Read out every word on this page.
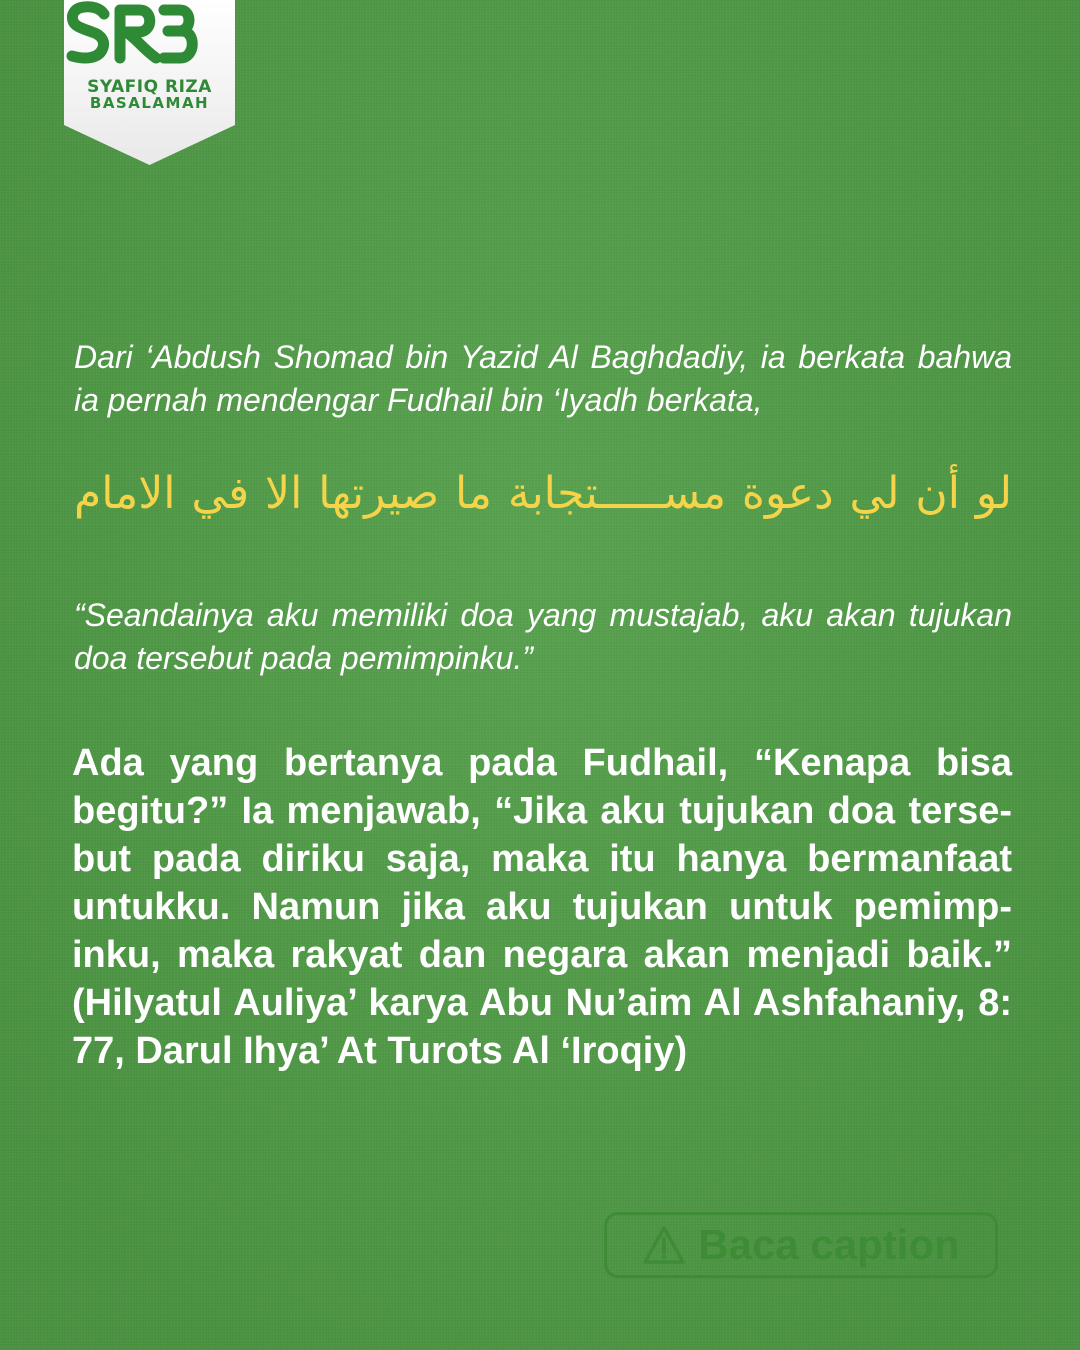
SYAFIQ RIZA
BASALAMAH

Dari ‘Abdush Shomad bin Yazid Al Baghdadiy, ia berkata bahwa ia pernah mendengar Fudhail bin ‘Iyadh berkata,

لو أن لي دعوة مســـــتجابة ما صيرتها الا في الامام

“Seandainya aku memiliki doa yang mustajab, aku akan tujukan doa tersebut pada pemimpinku.”

Ada yang bertanya pada Fudhail, “Kenapa bisa begitu?” Ia menjawab, “Jika aku tujukan doa tersebut pada diriku saja, maka itu hanya bermanfaat untukku. Namun jika aku tujukan untuk pemimpinku, maka rakyat dan negara akan menjadi baik.” (Hilyatul Auliya’ karya Abu Nu’aim Al Ashfahaniy, 8: 77, Darul Ihya’ At Turots Al ‘Iroqiy)

Baca caption
